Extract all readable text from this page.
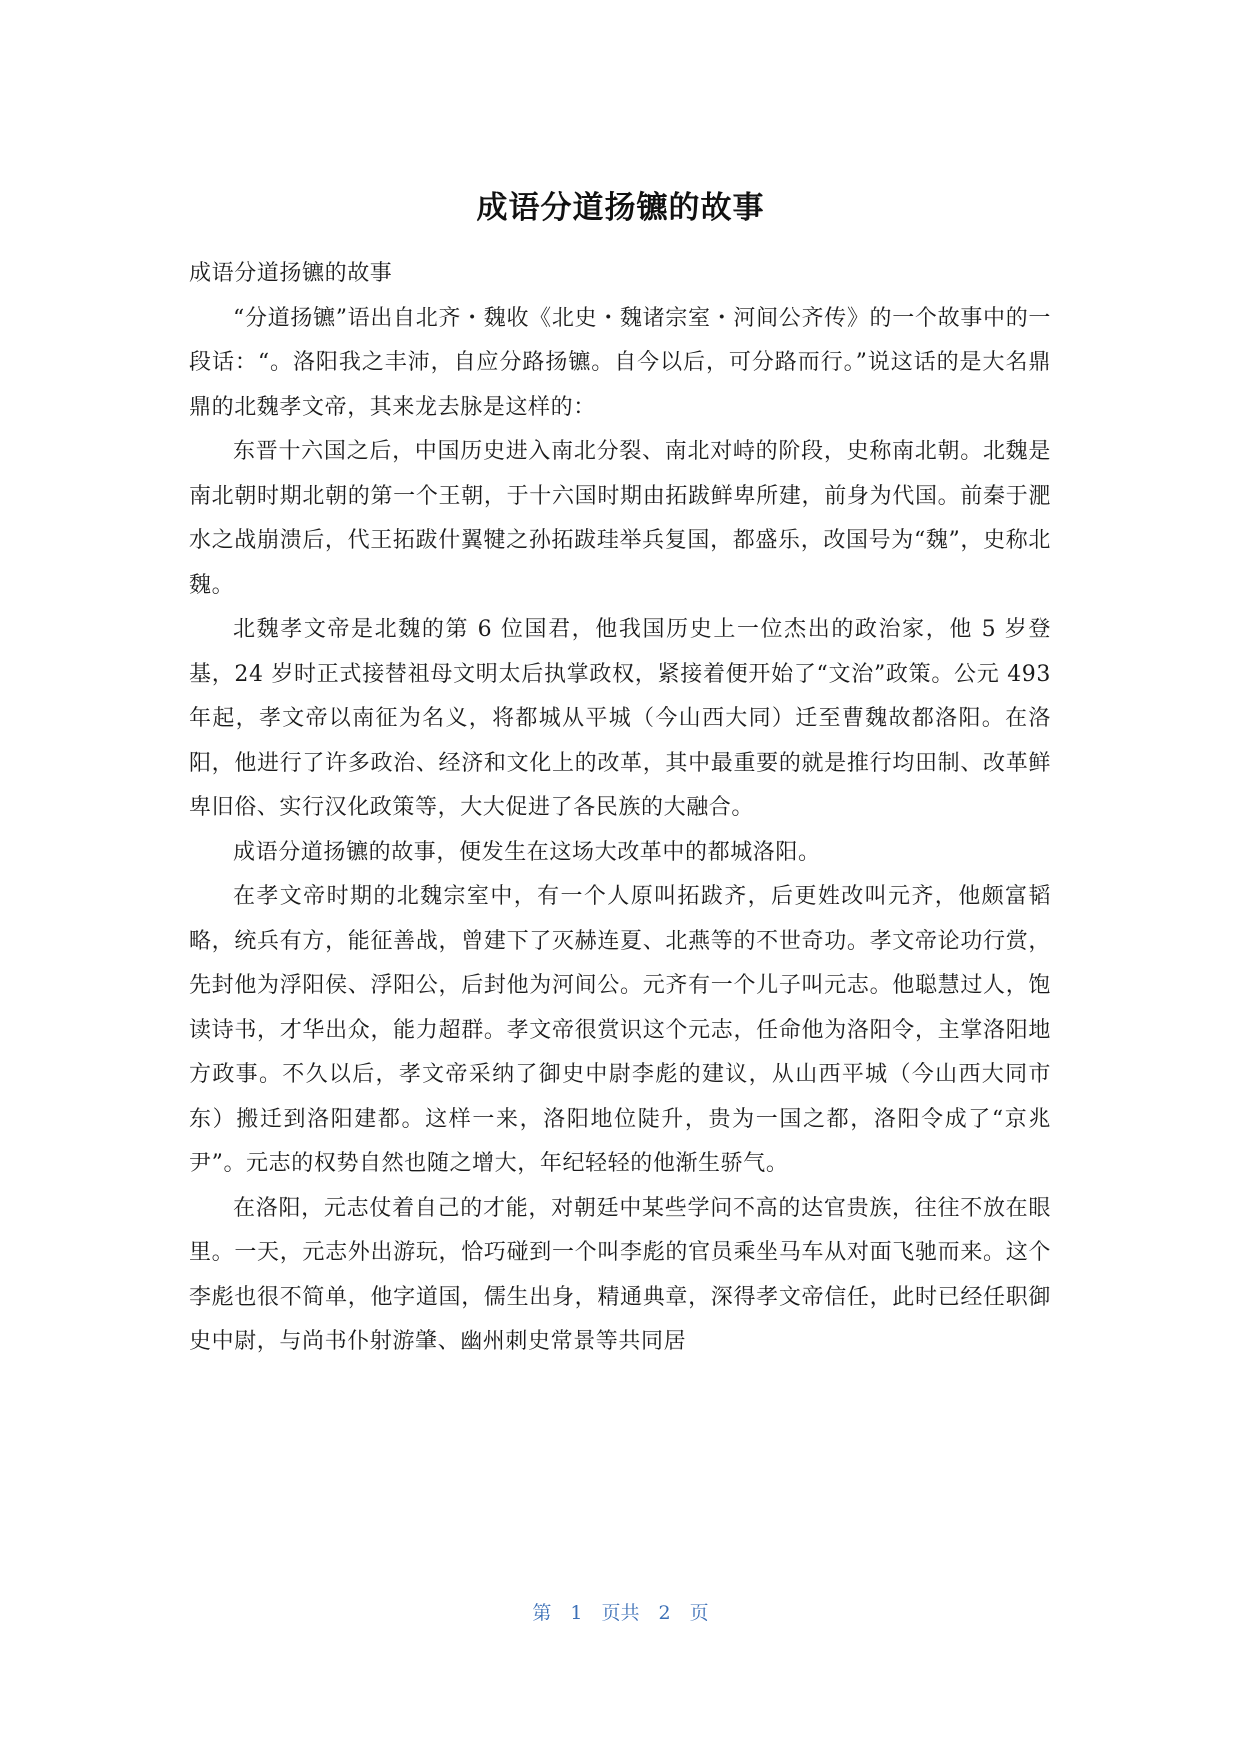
成语分道扬镳的故事

成语分道扬镳的故事

“分道扬镳”语出自北齐・魏收《北史・魏诸宗室・河间公齐传》的一个故事中的一段话：“。洛阳我之丰沛，自应分路扬镳。自今以后，可分路而行。”说这话的是大名鼎鼎的北魏孝文帝，其来龙去脉是这样的：

东晋十六国之后，中国历史进入南北分裂、南北对峙的阶段，史称南北朝。北魏是南北朝时期北朝的第一个王朝，于十六国时期由拓跋鲜卑所建，前身为代国。前秦于淝水之战崩溃后，代王拓跋什翼犍之孙拓跋珪举兵复国，都盛乐，改国号为“魏”，史称北魏。

北魏孝文帝是北魏的第 6 位国君，他我国历史上一位杰出的政治家，他 5 岁登基，24 岁时正式接替祖母文明太后执掌政权，紧接着便开始了“文治”政策。公元 493 年起，孝文帝以南征为名义，将都城从平城（今山西大同）迁至曹魏故都洛阳。在洛阳，他进行了许多政治、经济和文化上的改革，其中最重要的就是推行均田制、改革鲜卑旧俗、实行汉化政策等，大大促进了各民族的大融合。

成语分道扬镳的故事，便发生在这场大改革中的都城洛阳。

在孝文帝时期的北魏宗室中，有一个人原叫拓跋齐，后更姓改叫元齐，他颇富韬略，统兵有方，能征善战，曾建下了灭赫连夏、北燕等的不世奇功。孝文帝论功行赏，先封他为浮阳侯、浮阳公，后封他为河间公。元齐有一个儿子叫元志。他聪慧过人，饱读诗书，才华出众，能力超群。孝文帝很赏识这个元志，任命他为洛阳令，主掌洛阳地方政事。不久以后，孝文帝采纳了御史中尉李彪的建议，从山西平城（今山西大同市东）搬迁到洛阳建都。这样一来，洛阳地位陡升，贵为一国之都，洛阳令成了“京兆尹”。元志的权势自然也随之增大，年纪轻轻的他渐生骄气。

在洛阳，元志仗着自己的才能，对朝廷中某些学问不高的达官贵族，往往不放在眼里。一天，元志外出游玩，恰巧碰到一个叫李彪的官员乘坐马车从对面飞驰而来。这个李彪也很不简单，他字道国，儒生出身，精通典章，深得孝文帝信任，此时已经任职御史中尉，与尚书仆射游肇、幽州刺史常景等共同居

第　1　页共　2　页
